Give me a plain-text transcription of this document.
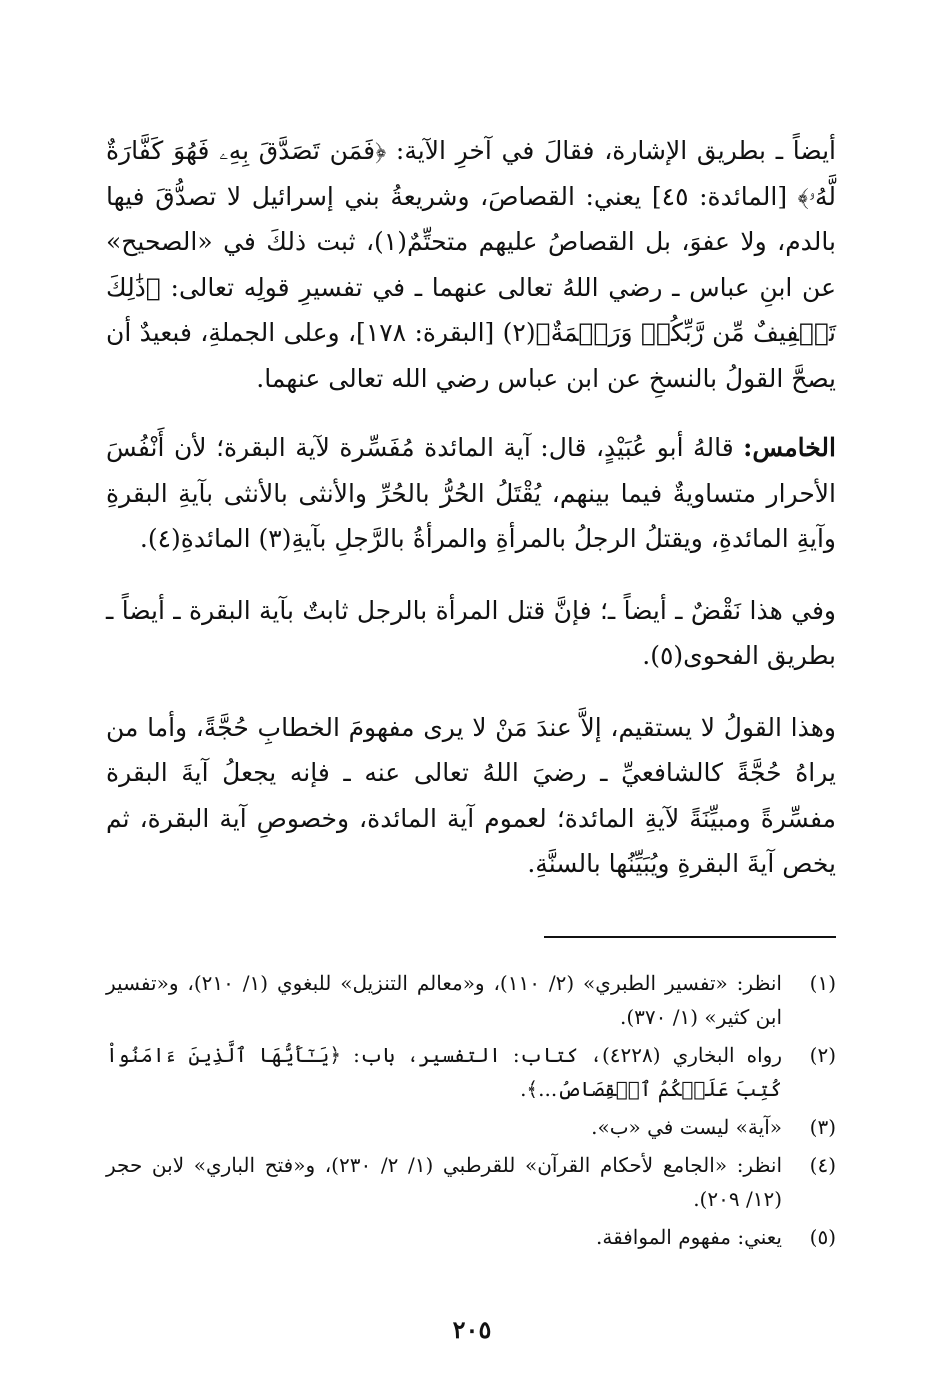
أيضاً ـ بطريق الإشارة، فقالَ في آخرِ الآية: ﴿فَمَن تَصَدَّقَ بِهِۦ فَهُوَ كَفَّارَةٌ لَّهُۥ﴾ [المائدة: ٤٥] يعني: القصاصَ، وشريعةُ بني إسرائيل لا تصدُّقَ فيها بالدم، ولا عفوَ، بل القصاصُ عليهم متحتِّمٌ(١)، ثبت ذلكَ في «الصحيح» عن ابنِ عباس ـ رضي اللهُ تعالى عنهما ـ في تفسيرِ قولِه تعالى: ﴿ذَٰلِكَ تَخۡفِيفٌ مِّن رَّبِّكُمۡ وَرَحۡمَةٌ﴾(٢) [البقرة: ١٧٨]، وعلى الجملةِ، فبعيدٌ أن يصحَّ القولُ بالنسخِ عن ابن عباس رضي الله تعالى عنهما.

الخامس: قالهُ أبو عُبَيْدٍ، قال: آية المائدة مُفَسِّرة لآية البقرة؛ لأن أَنْفُسَ الأحرار متساويةٌ فيما بينهم، يُقْتَلُ الحُرُّ بالحُرِّ والأنثى بالأنثى بآيةِ البقرةِ وآيةِ المائدةِ، ويقتلُ الرجلُ بالمرأةِ والمرأةُ بالرَّجلِ بآيةِ(٣) المائدةِ(٤).

وفي هذا نَقْضٌ ـ أيضاً ـ؛ فإنَّ قتل المرأة بالرجل ثابتٌ بآية البقرة ـ أيضاً ـ بطريق الفحوى(٥).

وهذا القولُ لا يستقيم، إلاَّ عندَ مَنْ لا يرى مفهومَ الخطابِ حُجَّةً، وأما من يراهُ حُجَّةً كالشافعيِّ ـ رضيَ اللهُ تعالى عنه ـ فإنه يجعلُ آيةَ البقرة مفسِّرةً ومبيِّنَةً لآيةِ المائدة؛ لعموم آية المائدة، وخصوصِ آية البقرة، ثم يخص آيةَ البقرةِ ويُبَيِّنُها بالسنَّةِ.

(١)
انظر: «تفسير الطبري» (٢/ ١١٠)، و«معالم التنزيل» للبغوي (١/ ٢١٠)، و«تفسير ابن كثير» (١/ ٣٧٠).
(٢)
رواه البخاري (٤٢٢٨)، كتاب: التفسير، باب: ﴿يَـٰٓأَيُّهَا ٱلَّذِينَ ءَامَنُواْ كُتِبَ عَلَيۡكُمُ ٱلۡقِصَاصُ...﴾.
(٣)
«آية» ليست في «ب».
(٤)
انظر: «الجامع لأحكام القرآن» للقرطبي (١/ ٢/ ٢٣٠)، و«فتح الباري» لابن حجر (١٢/ ٢٠٩).
(٥)
يعني: مفهوم الموافقة.
٢٠٥
